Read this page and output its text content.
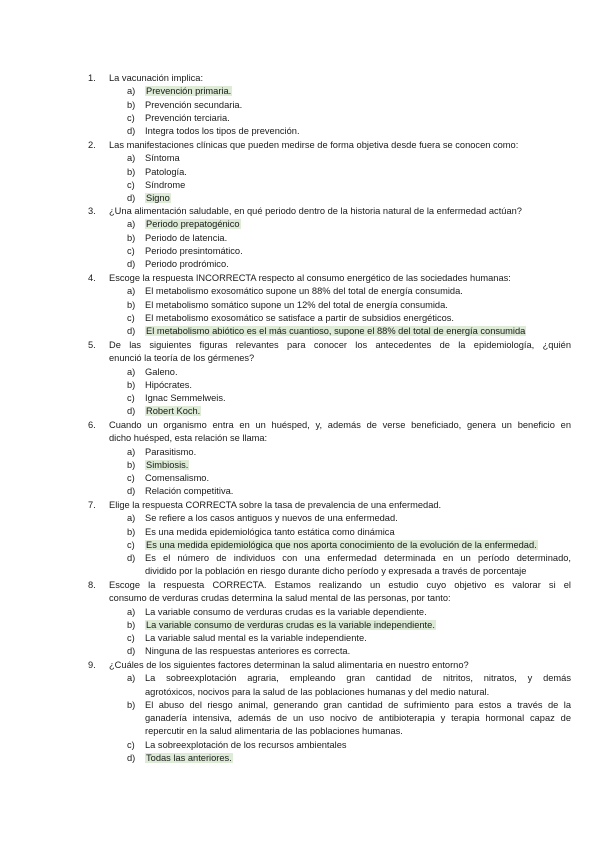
1.	La vacunación implica:
a)	Prevención primaria.
b)	Prevención secundaria.
c)	Prevención terciaria.
d)	Integra todos los tipos de prevención.
2.	Las manifestaciones clínicas que pueden medirse de forma objetiva desde fuera se conocen como:
a)	Síntoma
b)	Patología.
c)	Síndrome
d)	Signo
3.	¿Una alimentación saludable, en qué periodo dentro de la historia natural de la enfermedad actúan?
a)	Periodo prepatogénico
b)	Periodo de latencia.
c)	Periodo presintomático.
d)	Periodo prodrómico.
4.	Escoge la respuesta INCORRECTA respecto al consumo energético de las sociedades humanas:
a)	El metabolismo exosomático supone un 88% del total de energía consumida.
b)	El metabolismo somático supone un 12% del total de energía consumida.
c)	El metabolismo exosomático se satisface a partir de subsidios energéticos.
d)	El metabolismo abiótico es el más cuantioso, supone el 88% del total de energía consumida
5.	De las siguientes figuras relevantes para conocer los antecedentes de la epidemiología, ¿quién
enunció la teoría de los gérmenes?
a)	Galeno.
b)	Hipócrates.
c)	Ignac Semmelweis.
d)	Robert Koch.
6.	Cuando un organismo entra en un huésped, y, además de verse beneficiado, genera un beneficio en
dicho huésped, esta relación se llama:
a)	Parasitismo.
b)	Simbiosis.
c)	Comensalismo.
d)	Relación competitiva.
7.	Elige la respuesta CORRECTA sobre la tasa de prevalencia de una enfermedad.
a)	Se refiere a los casos antiguos y nuevos de una enfermedad.
b)	Es una medida epidemiológica tanto estática como dinámica
c)	Es una medida epidemiológica que nos aporta conocimiento de la evolución de la enfermedad.
d)	Es el número de individuos con una enfermedad determinada en un período determinado,
dividido por la población en riesgo durante dicho período y expresada a través de porcentaje
8.	Escoge la respuesta CORRECTA. Estamos realizando un estudio cuyo objetivo es valorar si el
consumo de verduras crudas determina la salud mental de las personas, por tanto:
a)	La variable consumo de verduras crudas es la variable dependiente.
b)	La variable consumo de verduras crudas es la variable independiente.
c)	La variable salud mental es la variable independiente.
d)	Ninguna de las respuestas anteriores es correcta.
9.	¿Cuáles de los siguientes factores determinan la salud alimentaria en nuestro entorno?
a)	La sobreexplotación agraria, empleando gran cantidad de nitritos, nitratos, y demás
agrotóxicos, nocivos para la salud de las poblaciones humanas y del medio natural.
b)	El abuso del riesgo animal, generando gran cantidad de sufrimiento para estos a través de la
ganadería intensiva, además de un uso nocivo de antibioterapia y terapia hormonal capaz de
repercutir en la salud alimentaria de las poblaciones humanas.
c)	La sobreexplotación de los recursos ambientales
d)	Todas las anteriores.
